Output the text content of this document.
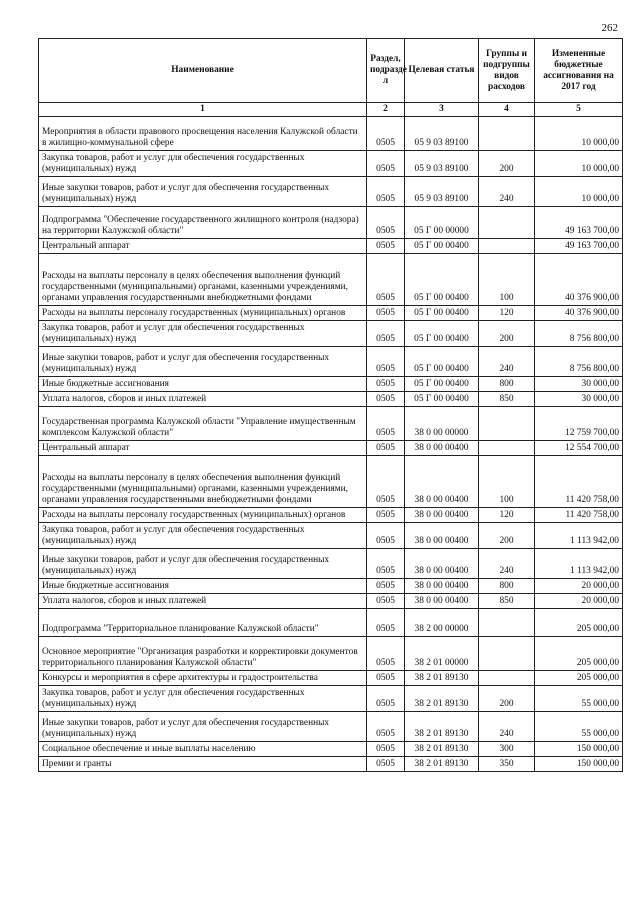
262
Наименование	Раздел, подразде л	Целевая статья	Группы и подгруппы видов расходов	Измененные бюджетные ассигнования на 2017 год
1	2	3	4	5
Мероприятия в области правового просвещения населения Калужской области в жилищно-коммунальной сфере	0505	05 9 03 89100		10 000,00
Закупка товаров, работ и услуг для обеспечения государственных (муниципальных) нужд	0505	05 9 03 89100	200	10 000,00
Иные закупки товаров, работ и услуг для обеспечения государственных (муниципальных) нужд	0505	05 9 03 89100	240	10 000,00
Подпрограмма "Обеспечение государственного жилищного контроля (надзора) на территории Калужской области"	0505	05 Г 00 00000		49 163 700,00
Центральный аппарат	0505	05 Г 00 00400		49 163 700,00
Расходы на выплаты персоналу в целях обеспечения выполнения функций государственными (муниципальными) органами, казенными учреждениями, органами управления государственными внебюджетными фондами	0505	05 Г 00 00400	100	40 376 900,00
Расходы на выплаты персоналу государственных (муниципальных) органов	0505	05 Г 00 00400	120	40 376 900,00
Закупка товаров, работ и услуг для обеспечения государственных (муниципальных) нужд	0505	05 Г 00 00400	200	8 756 800,00
Иные закупки товаров, работ и услуг для обеспечения государственных (муниципальных) нужд	0505	05 Г 00 00400	240	8 756 800,00
Иные бюджетные ассигнования	0505	05 Г 00 00400	800	30 000,00
Уплата налогов, сборов и иных платежей	0505	05 Г 00 00400	850	30 000,00
Государственная программа Калужской области "Управление имущественным комплексом Калужской области"	0505	38 0 00 00000		12 759 700,00
Центральный аппарат	0505	38 0 00 00400		12 554 700,00
Расходы на выплаты персоналу в целях обеспечения выполнения функций государственными (муниципальными) органами, казенными учреждениями, органами управления государственными внебюджетными фондами	0505	38 0 00 00400	100	11 420 758,00
Расходы на выплаты персоналу государственных (муниципальных) органов	0505	38 0 00 00400	120	11 420 758,00
Закупка товаров, работ и услуг для обеспечения государственных (муниципальных) нужд	0505	38 0 00 00400	200	1 113 942,00
Иные закупки товаров, работ и услуг для обеспечения государственных (муниципальных) нужд	0505	38 0 00 00400	240	1 113 942,00
Иные бюджетные ассигнования	0505	38 0 00 00400	800	20 000,00
Уплата налогов, сборов и иных платежей	0505	38 0 00 00400	850	20 000,00
Подпрограмма "Территориальное планирование Калужской области"	0505	38 2 00 00000		205 000,00
Основное мероприятие "Организация разработки и корректировки документов территориального планирования Калужской области"	0505	38 2 01 00000		205 000,00
Конкурсы и мероприятия в сфере архитектуры и градостроительства	0505	38 2 01 89130		205 000,00
Закупка товаров, работ и услуг для обеспечения государственных (муниципальных) нужд	0505	38 2 01 89130	200	55 000,00
Иные закупки товаров, работ и услуг для обеспечения государственных (муниципальных) нужд	0505	38 2 01 89130	240	55 000,00
Социальное обеспечение и иные выплаты населению	0505	38 2 01 89130	300	150 000,00
Премии и гранты	0505	38 2 01 89130	350	150 000,00
